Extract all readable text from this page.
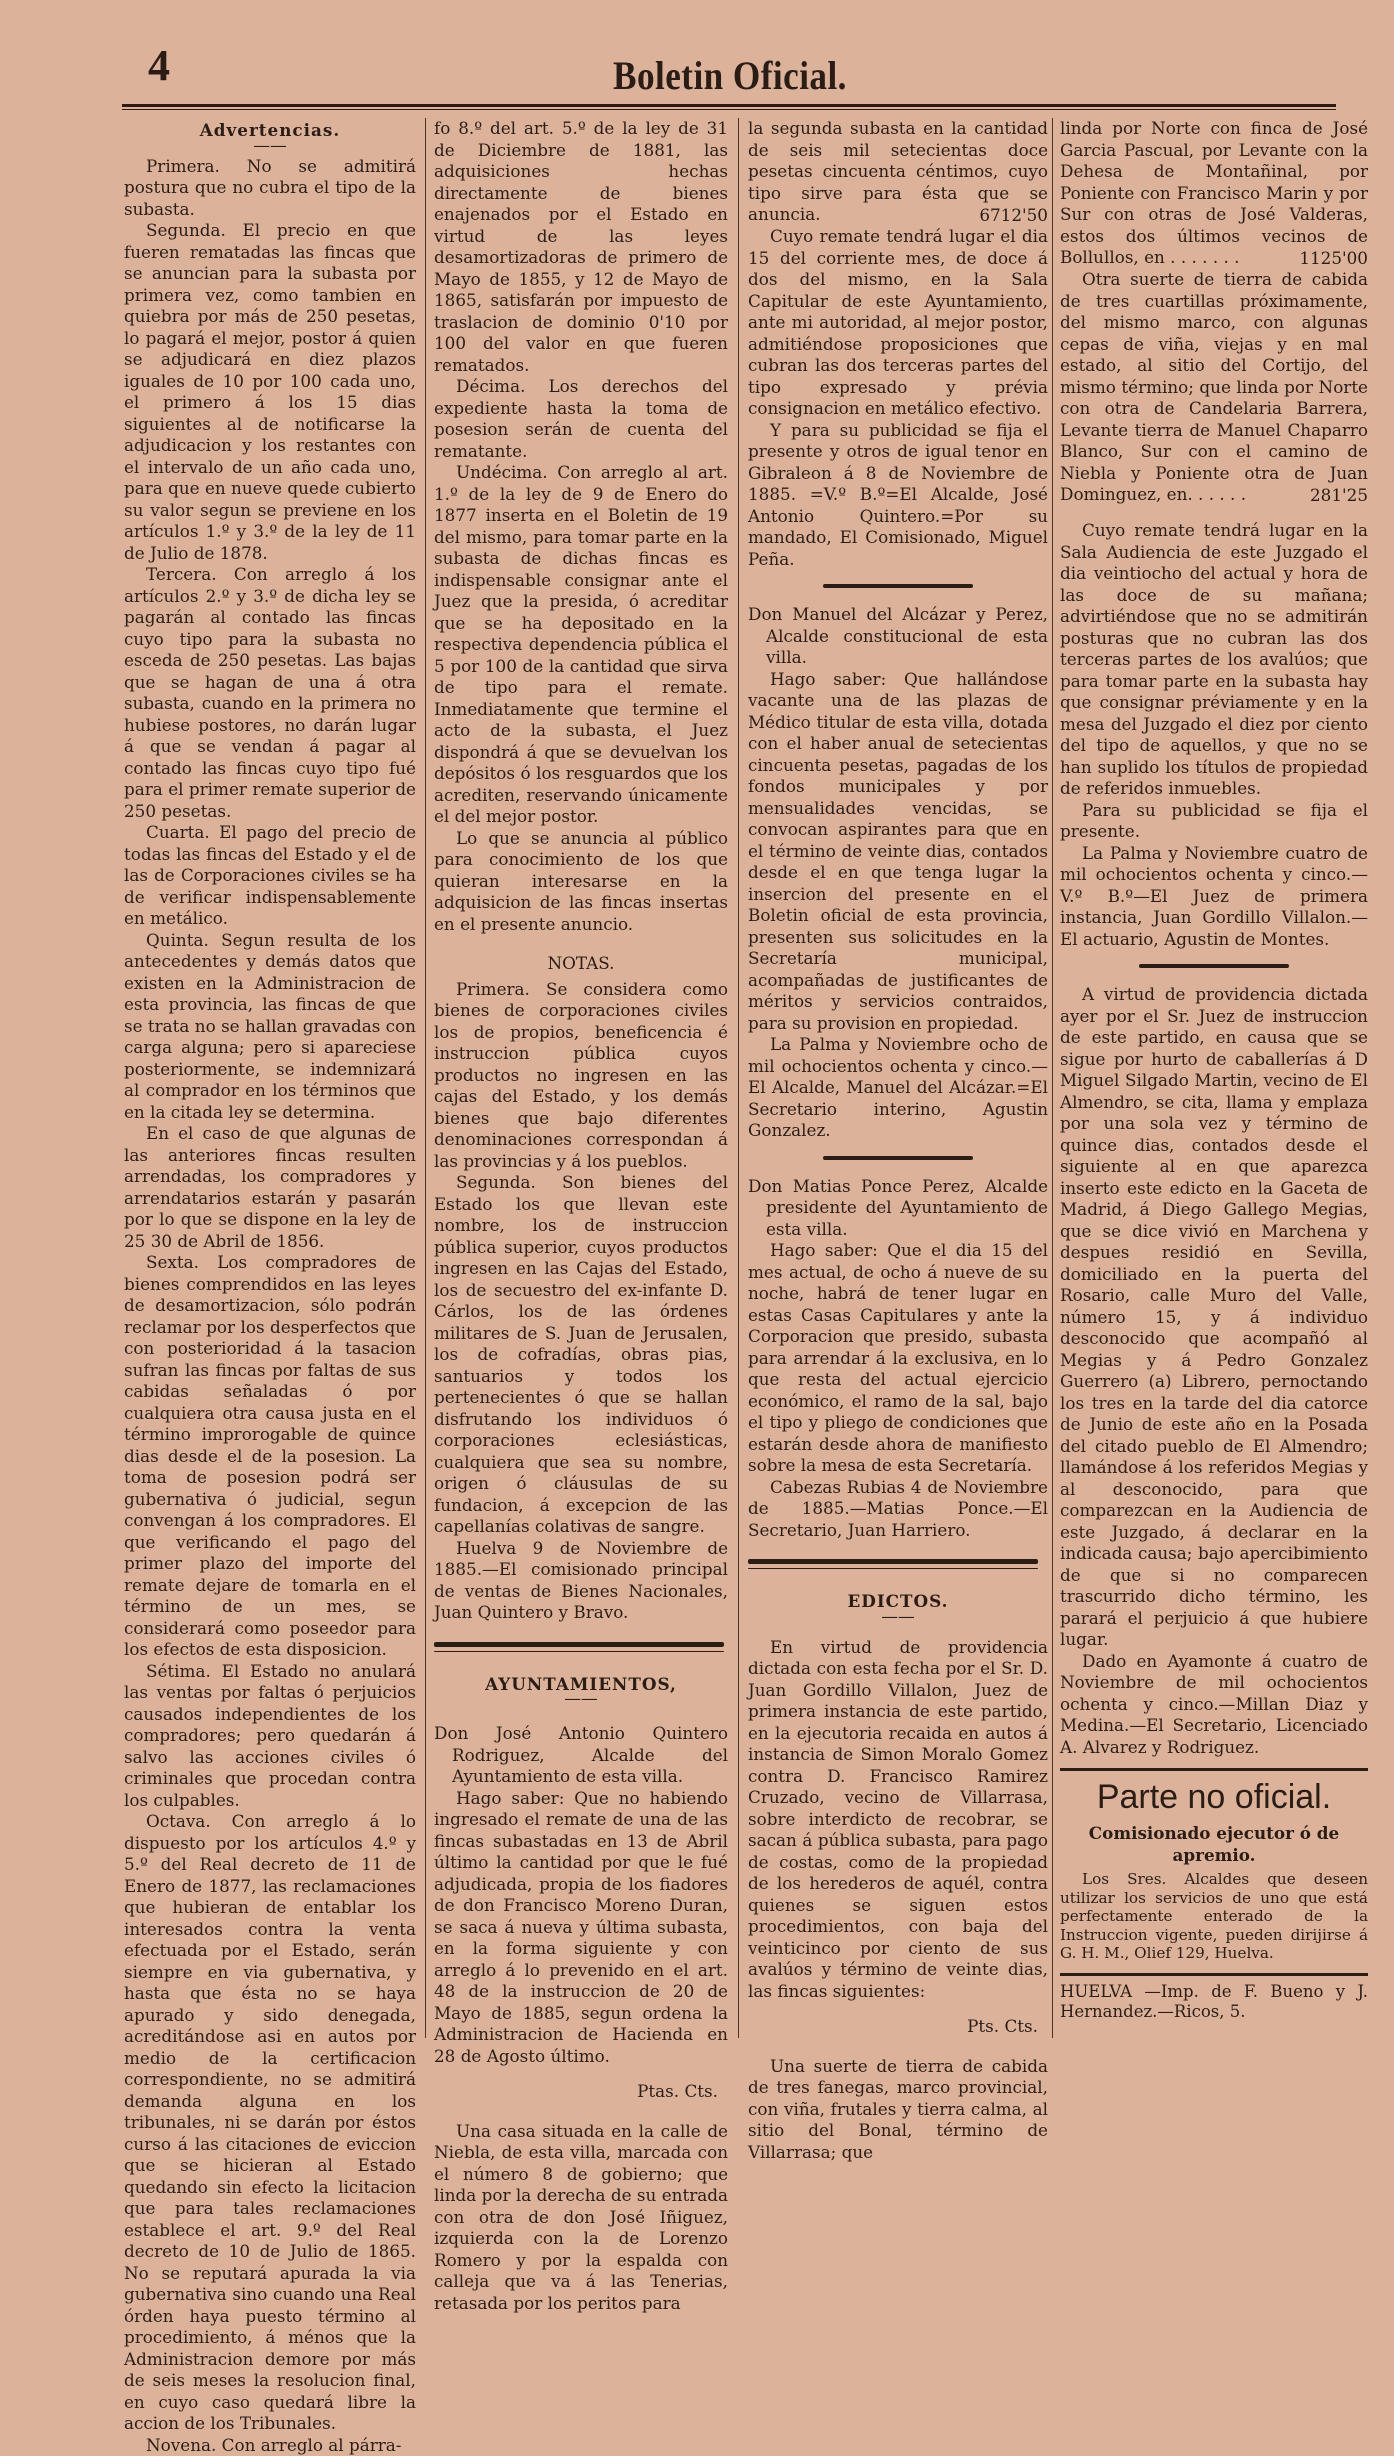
4	Boletin Oficial.
Advertencias.
——

Primera. No se admitirá postura que no cubra el tipo de la subasta.

Segunda. El precio en que fueren rematadas las fincas que se anuncian para la subasta por primera vez, como tambien en quiebra por más de 250 pesetas, lo pagará el mejor, postor á quien se adjudicará en diez plazos iguales de 10 por 100 cada uno, el primero á los 15 dias siguientes al de notificarse la adjudicacion y los restantes con el intervalo de un año cada uno, para que en nueve quede cubierto su valor segun se previene en los artículos 1.º y 3.º de la ley de 11 de Julio de 1878.

Tercera. Con arreglo á los artículos 2.º y 3.º de dicha ley se pagarán al contado las fincas cuyo tipo para la subasta no esceda de 250 pesetas. Las bajas que se hagan de una á otra subasta, cuando en la primera no hubiese postores, no darán lugar á que se vendan á pagar al contado las fincas cuyo tipo fué para el primer remate superior de 250 pesetas.

Cuarta. El pago del precio de todas las fincas del Estado y el de las de Corporaciones civiles se ha de verificar indispensablemente en metálico.

Quinta. Segun resulta de los antecedentes y demás datos que existen en la Administracion de esta provincia, las fincas de que se trata no se hallan gravadas con carga alguna; pero si apareciese posteriormente, se indemnizará al comprador en los términos que en la citada ley se determina.

En el caso de que algunas de las anteriores fincas resulten arrendadas, los compradores y arrendatarios estarán y pasarán por lo que se dispone en la ley de 25 30 de Abril de 1856.

Sexta. Los compradores de bienes comprendidos en las leyes de desamortizacion, sólo podrán reclamar por los desperfectos que con posterioridad á la tasacion sufran las fincas por faltas de sus cabidas señaladas ó por cualquiera otra causa justa en el término improrogable de quince dias desde el de la posesion. La toma de posesion podrá ser gubernativa ó judicial, segun convengan á los compradores. El que verificando el pago del primer plazo del importe del remate dejare de tomarla en el término de un mes, se considerará como poseedor para los efectos de esta disposicion.

Sétima. El Estado no anulará las ventas por faltas ó perjuicios causados independientes de los compradores; pero quedarán á salvo las acciones civiles ó criminales que procedan contra los culpables.

Octava. Con arreglo á lo dispuesto por los artículos 4.º y 5.º del Real decreto de 11 de Enero de 1877, las reclamaciones que hubieran de entablar los interesados contra la venta efectuada por el Estado, serán siempre en via gubernativa, y hasta que ésta no se haya apurado y sido denegada, acreditándose asi en autos por medio de la certificacion correspondiente, no se admitirá demanda alguna en los tribunales, ni se darán por éstos curso á las citaciones de eviccion que se hicieran al Estado quedando sin efecto la licitacion que para tales reclamaciones establece el art. 9.º del Real decreto de 10 de Julio de 1865. No se reputará apurada la via gubernativa sino cuando una Real órden haya puesto término al procedimiento, á ménos que la Administracion demore por más de seis meses la resolucion final, en cuyo caso quedará libre la accion de los Tribunales.

Novena. Con arreglo al párra-

fo 8.º del art. 5.º de la ley de 31 de Diciembre de 1881, las adquisiciones hechas directamente de bienes enajenados por el Estado en virtud de las leyes desamortizadoras de primero de Mayo de 1855, y 12 de Mayo de 1865, satisfarán por impuesto de traslacion de dominio 0'10 por 100 del valor en que fueren rematados.

Décima. Los derechos del expediente hasta la toma de posesion serán de cuenta del rematante.

Undécima. Con arreglo al art. 1.º de la ley de 9 de Enero do 1877 inserta en el Boletin de 19 del mismo, para tomar parte en la subasta de dichas fincas es indispensable consignar ante el Juez que la presida, ó acreditar que se ha depositado en la respectiva dependencia pública el 5 por 100 de la cantidad que sirva de tipo para el remate. Inmediatamente que termine el acto de la subasta, el Juez dispondrá á que se devuelvan los depósitos ó los resguardos que los acrediten, reservando únicamente el del mejor postor.

Lo que se anuncia al público para conocimiento de los que quieran interesarse en la adquisicion de las fincas insertas en el presente anuncio.

NOTAS.

Primera. Se considera como bienes de corporaciones civiles los de propios, beneficencia é instruccion pública cuyos productos no ingresen en las cajas del Estado, y los demás bienes que bajo diferentes denominaciones correspondan á las provincias y á los pueblos.

Segunda. Son bienes del Estado los que llevan este nombre, los de instruccion pública superior, cuyos productos ingresen en las Cajas del Estado, los de secuestro del ex-infante D. Cárlos, los de las órdenes militares de S. Juan de Jerusalen, los de cofradías, obras pias, santuarios y todos los pertenecientes ó que se hallan disfrutando los individuos ó corporaciones eclesiásticas, cualquiera que sea su nombre, origen ó cláusulas de su fundacion, á excepcion de las capellanías colativas de sangre.

Huelva 9 de Noviembre de 1885.—El comisionado principal de ventas de Bienes Nacionales, Juan Quintero y Bravo.

AYUNTAMIENTOS,
——

Don José Antonio Quintero Rodriguez, Alcalde del Ayuntamiento de esta villa.

Hago saber: Que no habiendo ingresado el remate de una de las fincas subastadas en 13 de Abril último la cantidad por que le fué adjudicada, propia de los fiadores de don Francisco Moreno Duran, se saca á nueva y última subasta, en la forma siguiente y con arreglo á lo prevenido en el art. 48 de la instruccion de 20 de Mayo de 1885, segun ordena la Administracion de Hacienda en 28 de Agosto último.

Ptas. Cts.

Una casa situada en la calle de Niebla, de esta villa, marcada con el número 8 de gobierno; que linda por la derecha de su entrada con otra de don José Iñiguez, izquierda con la de Lorenzo Romero y por la espalda con calleja que va á las Tenerias, retasada por los peritos para

la segunda subasta en la cantidad de seis mil setecientas doce pesetas cincuenta céntimos, cuyo tipo sirve para ésta que se anuncia.	6712'50

Cuyo remate tendrá lugar el dia 15 del corriente mes, de doce á dos del mismo, en la Sala Capitular de este Ayuntamiento, ante mi autoridad, al mejor postor, admitiéndose proposiciones que cubran las dos terceras partes del tipo expresado y prévia consignacion en metálico efectivo.

Y para su publicidad se fija el presente y otros de igual tenor en Gibraleon á 8 de Noviembre de 1885. =V.º B.º=El Alcalde, José Antonio Quintero.=Por su mandado, El Comisionado, Miguel Peña.

Don Manuel del Alcázar y Perez, Alcalde constitucional de esta villa.

Hago saber: Que hallándose vacante una de las plazas de Médico titular de esta villa, dotada con el haber anual de setecientas cincuenta pesetas, pagadas de los fondos municipales y por mensualidades vencidas, se convocan aspirantes para que en el término de veinte dias, contados desde el en que tenga lugar la insercion del presente en el Boletin oficial de esta provincia, presenten sus solicitudes en la Secretaría municipal, acompañadas de justificantes de méritos y servicios contraidos, para su provision en propiedad.

La Palma y Noviembre ocho de mil ochocientos ochenta y cinco.—El Alcalde, Manuel del Alcázar.=El Secretario interino, Agustin Gonzalez.

Don Matias Ponce Perez, Alcalde presidente del Ayuntamiento de esta villa.

Hago saber: Que el dia 15 del mes actual, de ocho á nueve de su noche, habrá de tener lugar en estas Casas Capitulares y ante la Corporacion que presido, subasta para arrendar á la exclusiva, en lo que resta del actual ejercicio económico, el ramo de la sal, bajo el tipo y pliego de condiciones que estarán desde ahora de manifiesto sobre la mesa de esta Secretaría.

Cabezas Rubias 4 de Noviembre de 1885.—Matias Ponce.—El Secretario, Juan Harriero.

EDICTOS.
——

En virtud de providencia dictada con esta fecha por el Sr. D. Juan Gordillo Villalon, Juez de primera instancia de este partido, en la ejecutoria recaida en autos á instancia de Simon Moralo Gomez contra D. Francisco Ramirez Cruzado, vecino de Villarrasa, sobre interdicto de recobrar, se sacan á pública subasta, para pago de costas, como de la propiedad de los herederos de aquél, contra quienes se siguen estos procedimientos, con baja del veinticinco por ciento de sus avalúos y término de veinte dias, las fincas siguientes:

Pts. Cts.

Una suerte de tierra de cabida de tres fanegas, marco provincial, con viña, frutales y tierra calma, al sitio del Bonal, término de Villarrasa; que

linda por Norte con finca de José Garcia Pascual, por Levante con la Dehesa de Montañinal, por Poniente con Francisco Marin y por Sur con otras de José Valderas, estos dos últimos vecinos de Bollullos, en . . . . . . .	1125'00

Otra suerte de tierra de cabida de tres cuartillas próximamente, del mismo marco, con algunas cepas de viña, viejas y en mal estado, al sitio del Cortijo, del mismo término; que linda por Norte con otra de Candelaria Barrera, Levante tierra de Manuel Chaparro Blanco, Sur con el camino de Niebla y Poniente otra de Juan Dominguez, en. . . . . .	281'25

Cuyo remate tendrá lugar en la Sala Audiencia de este Juzgado el dia veintiocho del actual y hora de las doce de su mañana; advirtiéndose que no se admitirán posturas que no cubran las dos terceras partes de los avalúos; que para tomar parte en la subasta hay que consignar préviamente y en la mesa del Juzgado el diez por ciento del tipo de aquellos, y que no se han suplido los títulos de propiedad de referidos inmuebles.

Para su publicidad se fija el presente.

La Palma y Noviembre cuatro de mil ochocientos ochenta y cinco.—V.º B.º—El Juez de primera instancia, Juan Gordillo Villalon.—El actuario, Agustin de Montes.

A virtud de providencia dictada ayer por el Sr. Juez de instruccion de este partido, en causa que se sigue por hurto de caballerías á D Miguel Silgado Martin, vecino de El Almendro, se cita, llama y emplaza por una sola vez y término de quince dias, contados desde el siguiente al en que aparezca inserto este edicto en la Gaceta de Madrid, á Diego Gallego Megias, que se dice vivió en Marchena y despues residió en Sevilla, domiciliado en la puerta del Rosario, calle Muro del Valle, número 15, y á individuo desconocido que acompañó al Megias y á Pedro Gonzalez Guerrero (a) Librero, pernoctando los tres en la tarde del dia catorce de Junio de este año en la Posada del citado pueblo de El Almendro; llamándose á los referidos Megias y al desconocido, para que comparezcan en la Audiencia de este Juzgado, á declarar en la indicada causa; bajo apercibimiento de que si no comparecen trascurrido dicho término, les parará el perjuicio á que hubiere lugar.

Dado en Ayamonte á cuatro de Noviembre de mil ochocientos ochenta y cinco.—Millan Diaz y Medina.—El Secretario, Licenciado A. Alvarez y Rodriguez.

Parte no oficial.
Comisionado ejecutor ó de apremio.

Los Sres. Alcaldes que deseen utilizar los servicios de uno que está perfectamente enterado de la Instruccion vigente, pueden dirijirse á G. H. M., Olief 129, Huelva.

HUELVA —Imp. de F. Bueno y J. Hernandez.—Ricos, 5.
